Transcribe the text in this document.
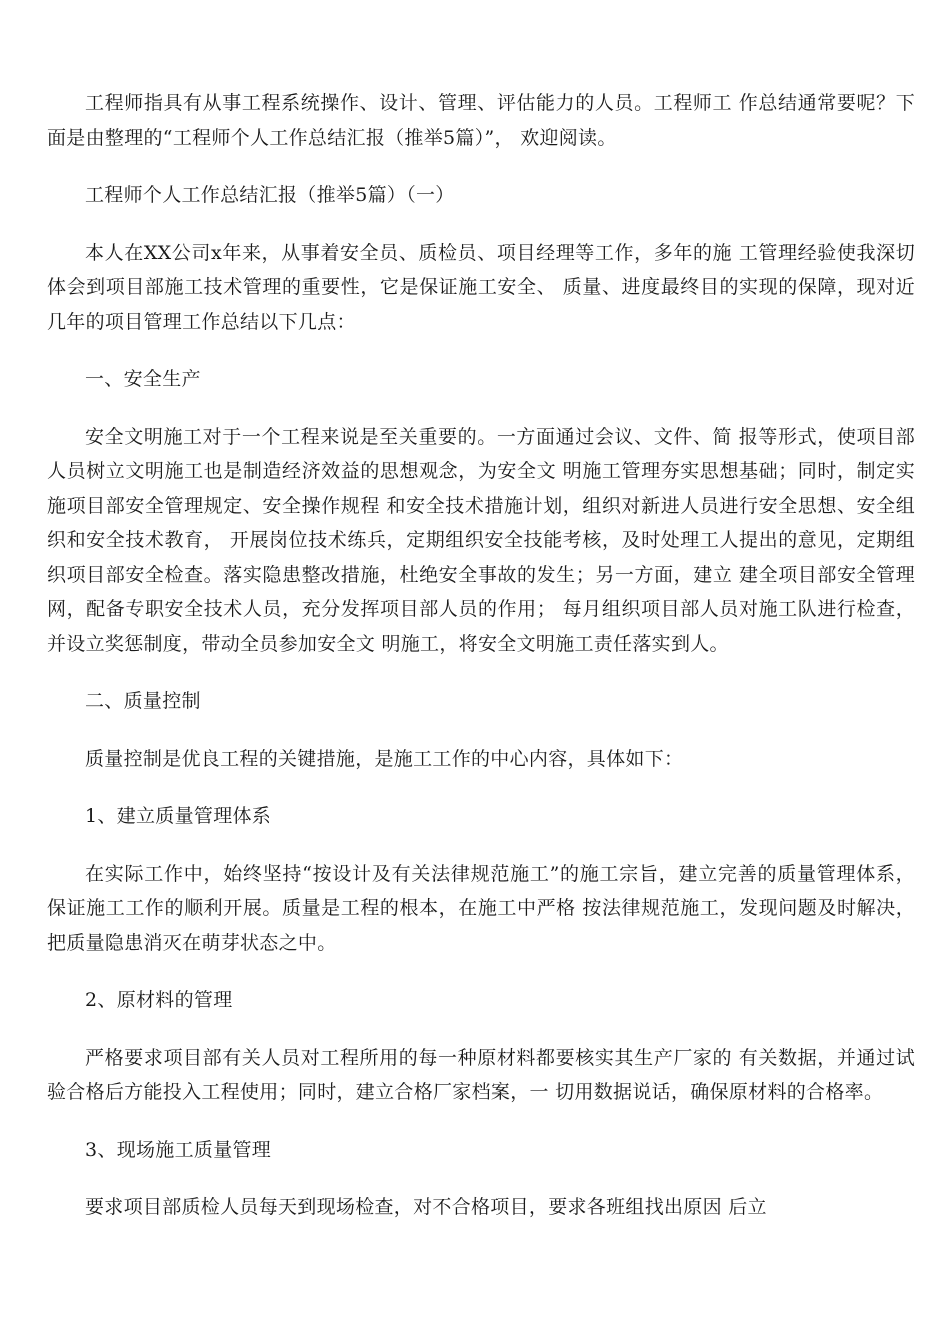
工程师指具有从事工程系统操作、设计、管理、评估能力的人员。工程师工 作总结通常要呢？下面是由整理的“工程师个人工作总结汇报（推举5篇）”， 欢迎阅读。

工程师个人工作总结汇报（推举5篇）（一）

本人在XX公司x年来，从事着安全员、质检员、项目经理等工作，多年的施 工管理经验使我深切体会到项目部施工技术管理的重要性，它是保证施工安全、 质量、进度最终目的实现的保障，现对近几年的项目管理工作总结以下几点：

一、安全生产

安全文明施工对于一个工程来说是至关重要的。一方面通过会议、文件、简 报等形式，使项目部人员树立文明施工也是制造经济效益的思想观念，为安全文 明施工管理夯实思想基础；同时，制定实施项目部安全管理规定、安全操作规程 和安全技术措施计划，组织对新进人员进行安全思想、安全组织和安全技术教育， 开展岗位技术练兵，定期组织安全技能考核，及时处理工人提出的意见，定期组 织项目部安全检查。落实隐患整改措施，杜绝安全事故的发生；另一方面，建立 建全项目部安全管理网，配备专职安全技术人员，充分发挥项目部人员的作用； 每月组织项目部人员对施工队进行检查，并设立奖惩制度，带动全员参加安全文 明施工，将安全文明施工责任落实到人。

二、质量控制

质量控制是优良工程的关键措施，是施工工作的中心内容，具体如下：

1、建立质量管理体系

在实际工作中，始终坚持“按设计及有关法律规范施工”的施工宗旨，建立完善的质量管理体系，保证施工工作的顺利开展。质量是工程的根本，在施工中严格 按法律规范施工，发现问题及时解决，把质量隐患消灭在萌芽状态之中。

2、原材料的管理

严格要求项目部有关人员对工程所用的每一种原材料都要核实其生产厂家的 有关数据，并通过试验合格后方能投入工程使用；同时，建立合格厂家档案，一 切用数据说话，确保原材料的合格率。

3、现场施工质量管理

要求项目部质检人员每天到现场检查，对不合格项目，要求各班组找出原因 后立
